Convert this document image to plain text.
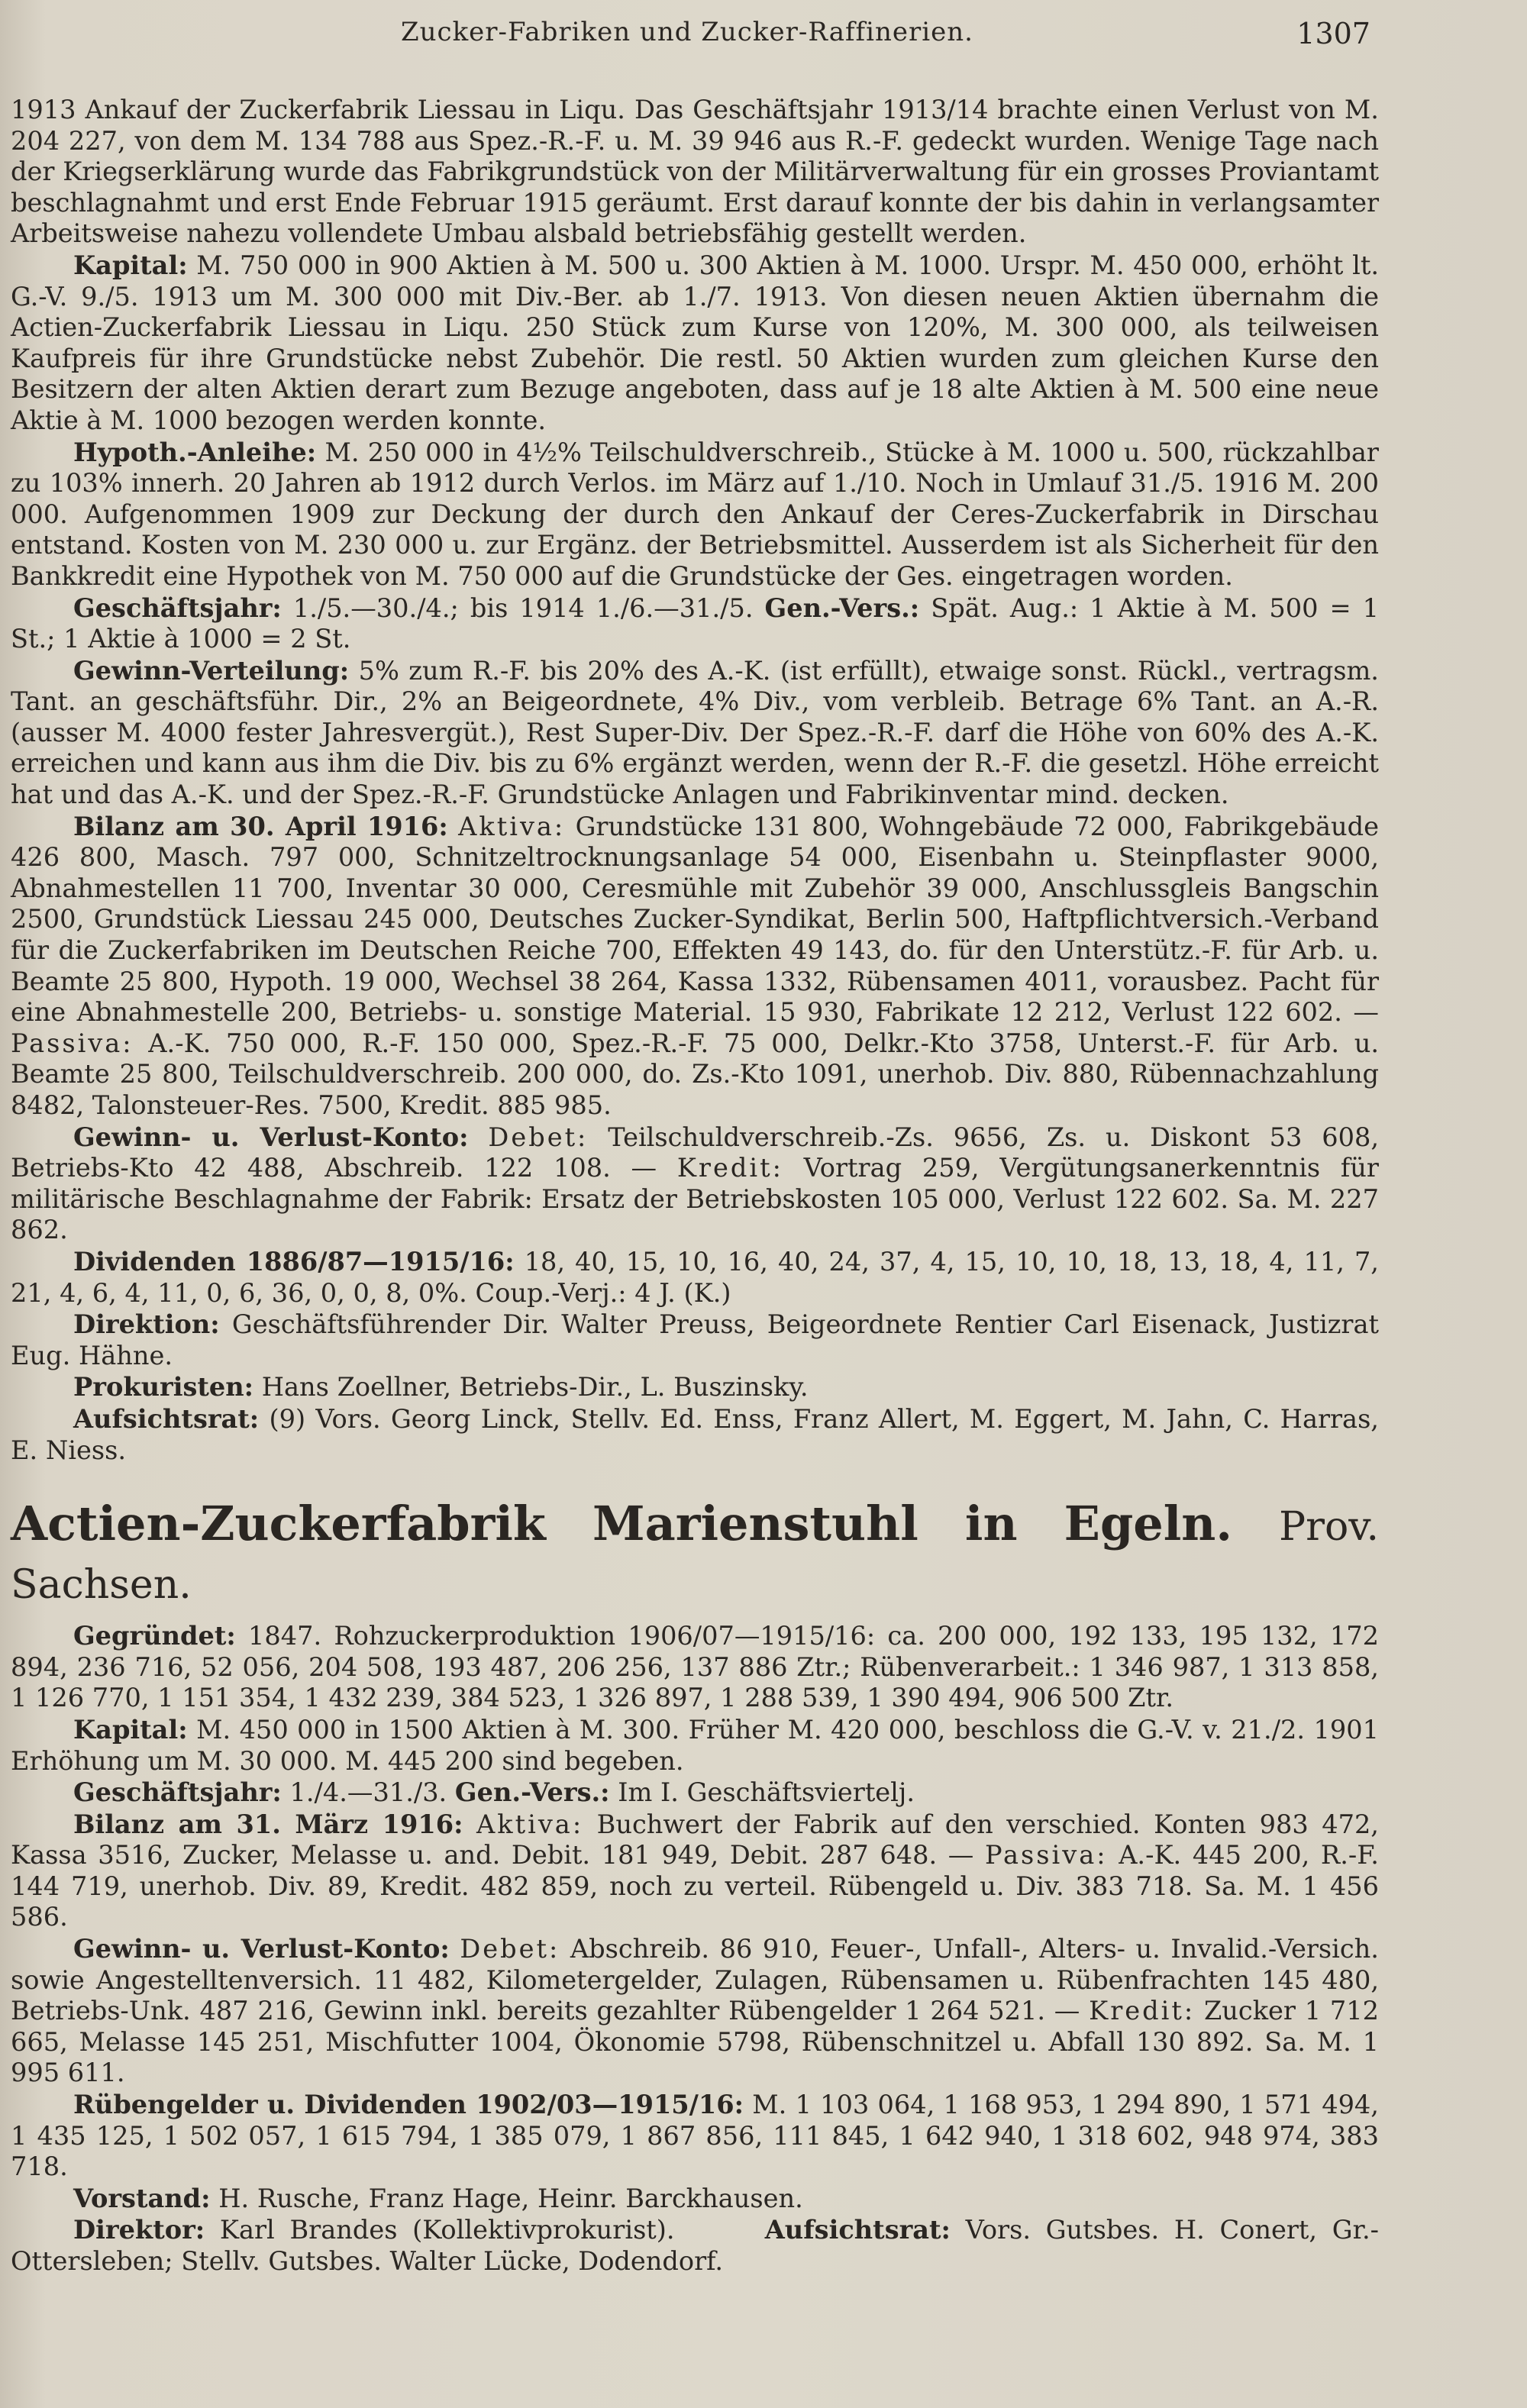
Zucker-Fabriken und Zucker-Raffinerien.	1307

1913 Ankauf der Zuckerfabrik Liessau in Liqu. Das Geschäftsjahr 1913/14 brachte einen Verlust von M. 204 227, von dem M. 134 788 aus Spez.-R.-F. u. M. 39 946 aus R.-F. gedeckt wurden. Wenige Tage nach der Kriegserklärung wurde das Fabrikgrundstück von der Militärverwaltung für ein grosses Proviantamt beschlagnahmt und erst Ende Februar 1915 geräumt. Erst darauf konnte der bis dahin in verlangsamter Arbeitsweise nahezu vollendete Umbau alsbald betriebsfähig gestellt werden.

Kapital: M. 750 000 in 900 Aktien à M. 500 u. 300 Aktien à M. 1000. Urspr. M. 450 000, erhöht lt. G.-V. 9./5. 1913 um M. 300 000 mit Div.-Ber. ab 1./7. 1913. Von diesen neuen Aktien übernahm die Actien-Zuckerfabrik Liessau in Liqu. 250 Stück zum Kurse von 120%, M. 300 000, als teilweisen Kaufpreis für ihre Grundstücke nebst Zubehör. Die restl. 50 Aktien wurden zum gleichen Kurse den Besitzern der alten Aktien derart zum Bezuge angeboten, dass auf je 18 alte Aktien à M. 500 eine neue Aktie à M. 1000 bezogen werden konnte.

Hypoth.-Anleihe: M. 250 000 in 4½% Teilschuldverschreib., Stücke à M. 1000 u. 500, rückzahlbar zu 103% innerh. 20 Jahren ab 1912 durch Verlos. im März auf 1./10. Noch in Umlauf 31./5. 1916 M. 200 000. Aufgenommen 1909 zur Deckung der durch den Ankauf der Ceres-Zuckerfabrik in Dirschau entstand. Kosten von M. 230 000 u. zur Ergänz. der Betriebsmittel. Ausserdem ist als Sicherheit für den Bankkredit eine Hypothek von M. 750 000 auf die Grundstücke der Ges. eingetragen worden.

Geschäftsjahr: 1./5.—30./4.; bis 1914 1./6.—31./5. Gen.-Vers.: Spät. Aug.: 1 Aktie à M. 500 = 1 St.; 1 Aktie à 1000 = 2 St.

Gewinn-Verteilung: 5% zum R.-F. bis 20% des A.-K. (ist erfüllt), etwaige sonst. Rückl., vertragsm. Tant. an geschäftsführ. Dir., 2% an Beigeordnete, 4% Div., vom verbleib. Betrage 6% Tant. an A.-R. (ausser M. 4000 fester Jahresvergüt.), Rest Super-Div. Der Spez.-R.-F. darf die Höhe von 60% des A.-K. erreichen und kann aus ihm die Div. bis zu 6% ergänzt werden, wenn der R.-F. die gesetzl. Höhe erreicht hat und das A.-K. und der Spez.-R.-F. Grundstücke Anlagen und Fabrikinventar mind. decken.

Bilanz am 30. April 1916: Aktiva: Grundstücke 131 800, Wohngebäude 72 000, Fabrikgebäude 426 800, Masch. 797 000, Schnitzeltrocknungsanlage 54 000, Eisenbahn u. Steinpflaster 9000, Abnahmestellen 11 700, Inventar 30 000, Ceresmühle mit Zubehör 39 000, Anschlussgleis Bangschin 2500, Grundstück Liessau 245 000, Deutsches Zucker-Syndikat, Berlin 500, Haftpflichtversich.-Verband für die Zuckerfabriken im Deutschen Reiche 700, Effekten 49 143, do. für den Unterstütz.-F. für Arb. u. Beamte 25 800, Hypoth. 19 000, Wechsel 38 264, Kassa 1332, Rübensamen 4011, vorausbez. Pacht für eine Abnahmestelle 200, Betriebs- u. sonstige Material. 15 930, Fabrikate 12 212, Verlust 122 602. — Passiva: A.-K. 750 000, R.-F. 150 000, Spez.-R.-F. 75 000, Delkr.-Kto 3758, Unterst.-F. für Arb. u. Beamte 25 800, Teilschuldverschreib. 200 000, do. Zs.-Kto 1091, unerhob. Div. 880, Rübennachzahlung 8482, Talonsteuer-Res. 7500, Kredit. 885 985.

Gewinn- u. Verlust-Konto: Debet: Teilschuldverschreib.-Zs. 9656, Zs. u. Diskont 53 608, Betriebs-Kto 42 488, Abschreib. 122 108. — Kredit: Vortrag 259, Vergütungsanerkenntnis für militärische Beschlagnahme der Fabrik: Ersatz der Betriebskosten 105 000, Verlust 122 602. Sa. M. 227 862.

Dividenden 1886/87—1915/16: 18, 40, 15, 10, 16, 40, 24, 37, 4, 15, 10, 10, 18, 13, 18, 4, 11, 7, 21, 4, 6, 4, 11, 0, 6, 36, 0, 0, 8, 0%. Coup.-Verj.: 4 J. (K.)

Direktion: Geschäftsführender Dir. Walter Preuss, Beigeordnete Rentier Carl Eisenack, Justizrat Eug. Hähne.

Prokuristen: Hans Zoellner, Betriebs-Dir., L. Buszinsky.

Aufsichtsrat: (9) Vors. Georg Linck, Stellv. Ed. Enss, Franz Allert, M. Eggert, M. Jahn, C. Harras, E. Niess.

Actien-Zuckerfabrik Marienstuhl in Egeln. Prov. Sachsen.

Gegründet: 1847. Rohzuckerproduktion 1906/07—1915/16: ca. 200 000, 192 133, 195 132, 172 894, 236 716, 52 056, 204 508, 193 487, 206 256, 137 886 Ztr.; Rübenverarbeit.: 1 346 987, 1 313 858, 1 126 770, 1 151 354, 1 432 239, 384 523, 1 326 897, 1 288 539, 1 390 494, 906 500 Ztr.

Kapital: M. 450 000 in 1500 Aktien à M. 300. Früher M. 420 000, beschloss die G.-V. v. 21./2. 1901 Erhöhung um M. 30 000. M. 445 200 sind begeben.

Geschäftsjahr: 1./4.—31./3. Gen.-Vers.: Im I. Geschäftsviertelj.

Bilanz am 31. März 1916: Aktiva: Buchwert der Fabrik auf den verschied. Konten 983 472, Kassa 3516, Zucker, Melasse u. and. Debit. 181 949, Debit. 287 648. — Passiva: A.-K. 445 200, R.-F. 144 719, unerhob. Div. 89, Kredit. 482 859, noch zu verteil. Rübengeld u. Div. 383 718. Sa. M. 1 456 586.

Gewinn- u. Verlust-Konto: Debet: Abschreib. 86 910, Feuer-, Unfall-, Alters- u. Invalid.-Versich. sowie Angestelltenversich. 11 482, Kilometergelder, Zulagen, Rübensamen u. Rübenfrachten 145 480, Betriebs-Unk. 487 216, Gewinn inkl. bereits gezahlter Rübengelder 1 264 521. — Kredit: Zucker 1 712 665, Melasse 145 251, Mischfutter 1004, Ökonomie 5798, Rübenschnitzel u. Abfall 130 892. Sa. M. 1 995 611.

Rübengelder u. Dividenden 1902/03—1915/16: M. 1 103 064, 1 168 953, 1 294 890, 1 571 494, 1 435 125, 1 502 057, 1 615 794, 1 385 079, 1 867 856, 111 845, 1 642 940, 1 318 602, 948 974, 383 718.

Vorstand: H. Rusche, Franz Hage, Heinr. Barckhausen.

Direktor: Karl Brandes (Kollektivprokurist).	Aufsichtsrat: Vors. Gutsbes. H. Conert, Gr.-Ottersleben; Stellv. Gutsbes. Walter Lücke, Dodendorf.
